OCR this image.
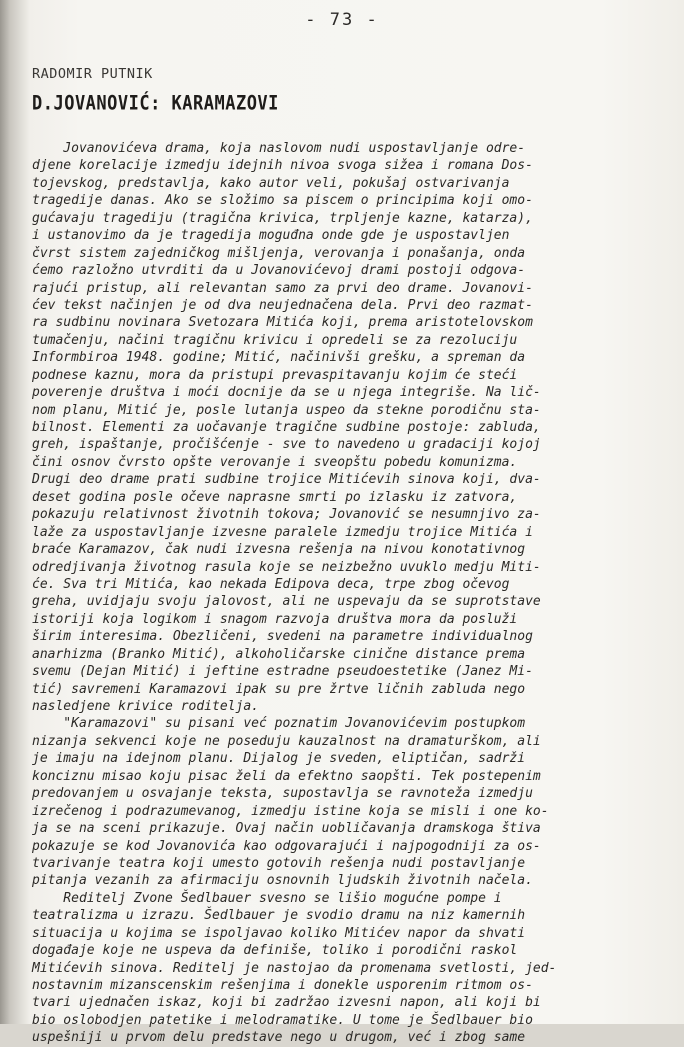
- 73 -
RADOMIR PUTNIK
D.JOVANOVIĆ: KARAMAZOVI
Jovanovićeva drama, koja naslovom nudi uspostavljanje odre-
djene korelacije izmedju idejnih nivoa svoga sižea i romana Dos-
tojevskog, predstavlja, kako autor veli, pokušaj ostvarivanja
tragedije danas. Ako se složimo sa piscem o principima koji omo-
gućavaju tragediju (tragična krivica, trpljenje kazne, katarza),
i ustanovimo da je tragedija moguđna onde gde je uspostavljen
čvrst sistem zajedničkog mišljenja, verovanja i ponašanja, onda
ćemo razložno utvrditi da u Jovanovićevoj drami postoji odgova-
rajući pristup, ali relevantan samo za prvi deo drame. Jovanovi-
ćev tekst načinjen je od dva neujednačena dela. Prvi deo razmat-
ra sudbinu novinara Svetozara Mitića koji, prema aristotelovskom
tumačenju, načini tragičnu krivicu i opredeli se za rezoluciju
Informbiroa 1948. godine; Mitić, načinivši grešku, a spreman da
podnese kaznu, mora da pristupi prevaspitavanju kojim će steći
poverenje društva i moći docnije da se u njega integriše. Na lič-
nom planu, Mitić je, posle lutanja uspeo da stekne porodičnu sta-
bilnost. Elementi za uočavanje tragične sudbine postoje: zabluda,
greh, ispaštanje, pročišćenje - sve to navedeno u gradaciji kojoj
čini osnov čvrsto opšte verovanje i sveopštu pobedu komunizma.
Drugi deo drame prati sudbine trojice Mitićevih sinova koji, dva-
deset godina posle očeve naprasne smrti po izlasku iz zatvora,
pokazuju relativnost životnih tokova; Jovanović se nesumnjivo za-
laže za uspostavljanje izvesne paralele izmedju trojice Mitića i
braće Karamazov, čak nudi izvesna rešenja na nivou konotativnog
odredjivanja životnog rasula koje se neizbežno uvuklo medju Miti-
će. Sva tri Mitića, kao nekada Edipova deca, trpe zbog očevog
greha, uvidjaju svoju jalovost, ali ne uspevaju da se suprotstave
istoriji koja logikom i snagom razvoja društva mora da posluži
širim interesima. Obezličeni, svedeni na parametre individualnog
anarhizma (Branko Mitić), alkoholičarske cinične distance prema
svemu (Dejan Mitić) i jeftine estradne pseudoestetike (Janez Mi-
tić) savremeni Karamazovi ipak su pre žrtve ličnih zabluda nego
nasledjene krivice roditelja.
"Karamazovi" su pisani već poznatim Jovanovićevim postupkom
nizanja sekvenci koje ne poseduju kauzalnost na dramaturškom, ali
je imaju na idejnom planu. Dijalog je sveden, eliptičan, sadrži
konciznu misao koju pisac želi da efektno saopšti. Tek postepenim
predovanjem u osvajanje teksta, supostavlja se ravnoteža izmedju
izrečenog i podrazumevanog, izmedju istine koja se misli i one ko-
ja se na sceni prikazuje. Ovaj način uobličavanja dramskoga štiva
pokazuje se kod Jovanovića kao odgovarajući i najpogodniji za os-
tvarivanje teatra koji umesto gotovih rešenja nudi postavljanje
pitanja vezanih za afirmaciju osnovnih ljudskih životnih načela.
Reditelj Zvone Šedlbauer svesno se lišio mogućne pompe i
teatralizma u izrazu. Šedlbauer je svodio dramu na niz kamernih
situacija u kojima se ispoljavao koliko Mitićev napor da shvati
događaje koje ne uspeva da definiše, toliko i porodični raskol
Mitićevih sinova. Reditelj je nastojao da promenama svetlosti, jed-
nostavnim mizanscenskim rešenjima i donekle usporenim ritmom os-
tvari ujednačen iskaz, koji bi zadržao izvesni napon, ali koji bi
bio oslobodjen patetike i melodramatike. U tome je Šedlbauer bio
uspešniji u prvom delu predstave nego u drugom, već i zbog same
